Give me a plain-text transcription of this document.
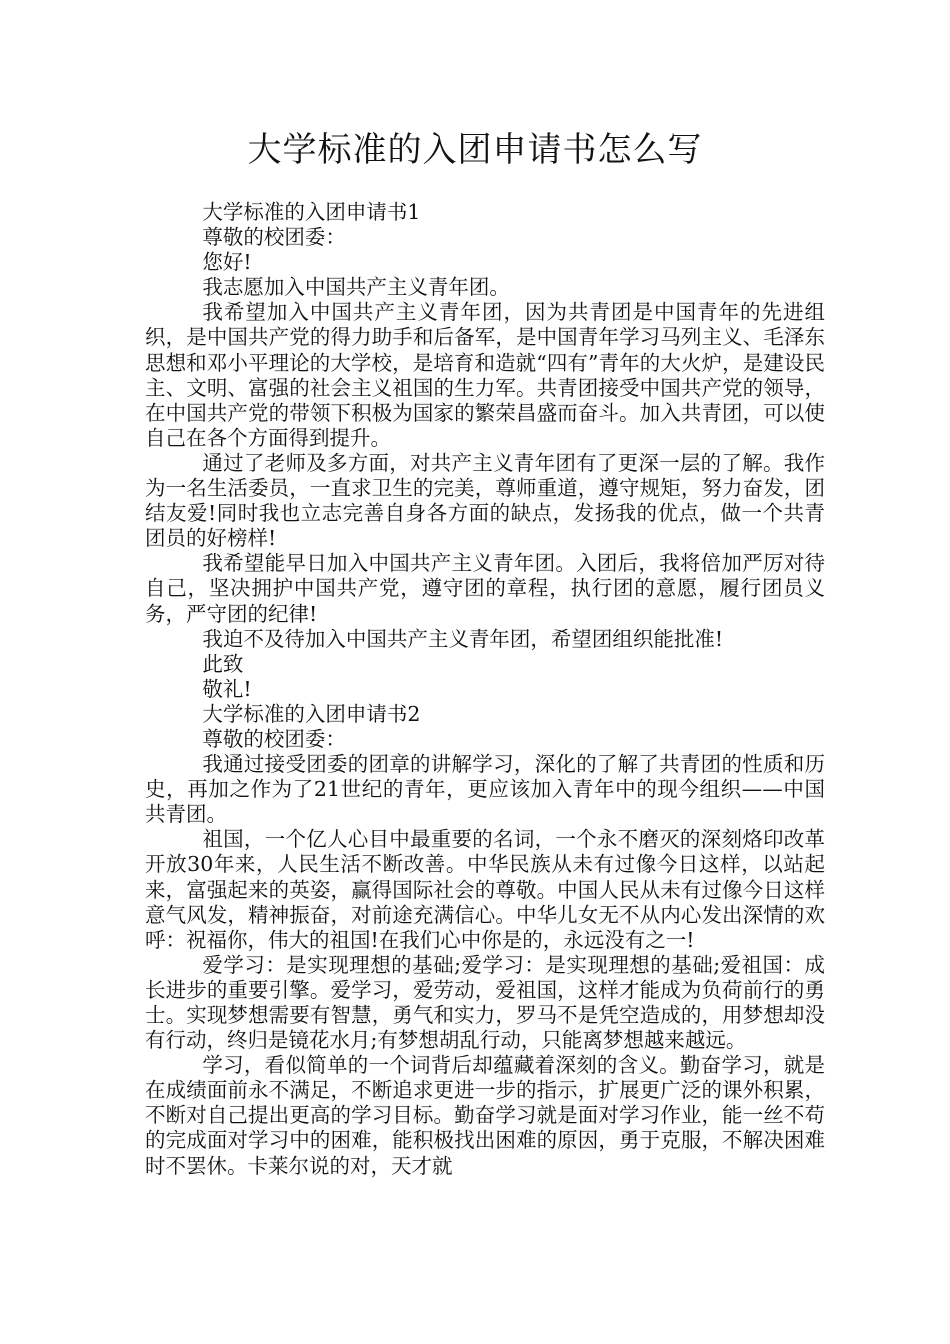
大学标准的入团申请书怎么写

大学标准的入团申请书1

尊敬的校团委：

您好!

我志愿加入中国共产主义青年团。

我希望加入中国共产主义青年团，因为共青团是中国青年的先进组织，是中国共产党的得力助手和后备军，是中国青年学习马列主义、毛泽东思想和邓小平理论的大学校，是培育和造就“四有”青年的大火炉，是建设民主、文明、富强的社会主义祖国的生力军。共青团接受中国共产党的领导，在中国共产党的带领下积极为国家的繁荣昌盛而奋斗。加入共青团，可以使自己在各个方面得到提升。

通过了老师及多方面，对共产主义青年团有了更深一层的了解。我作为一名生活委员，一直求卫生的完美，尊师重道，遵守规矩，努力奋发，团结友爱!同时我也立志完善自身各方面的缺点，发扬我的优点，做一个共青团员的好榜样!

我希望能早日加入中国共产主义青年团。入团后，我将倍加严厉对待自己，坚决拥护中国共产党，遵守团的章程，执行团的意愿，履行团员义务，严守团的纪律!

我迫不及待加入中国共产主义青年团，希望团组织能批准!

此致

敬礼!

大学标准的入团申请书2

尊敬的校团委：

我通过接受团委的团章的讲解学习，深化的了解了共青团的性质和历史，再加之作为了21世纪的青年，更应该加入青年中的现今组织——中国共青团。

祖国，一个亿人心目中最重要的名词，一个永不磨灭的深刻烙印改革开放30年来，人民生活不断改善。中华民族从未有过像今日这样，以站起来，富强起来的英姿，赢得国际社会的尊敬。中国人民从未有过像今日这样意气风发，精神振奋，对前途充满信心。中华儿女无不从内心发出深情的欢呼：祝福你，伟大的祖国!在我们心中你是的，永远没有之一!

爱学习：是实现理想的基础;爱学习：是实现理想的基础;爱祖国：成长进步的重要引擎。爱学习，爱劳动，爱祖国，这样才能成为负荷前行的勇士。实现梦想需要有智慧，勇气和实力，罗马不是凭空造成的，用梦想却没有行动，终归是镜花水月;有梦想胡乱行动，只能离梦想越来越远。

学习，看似简单的一个词背后却蕴藏着深刻的含义。勤奋学习，就是在成绩面前永不满足，不断追求更进一步的指示，扩展更广泛的课外积累，不断对自己提出更高的学习目标。勤奋学习就是面对学习作业，能一丝不苟的完成面对学习中的困难，能积极找出困难的原因，勇于克服，不解决困难时不罢休。卡莱尔说的对，天才就
